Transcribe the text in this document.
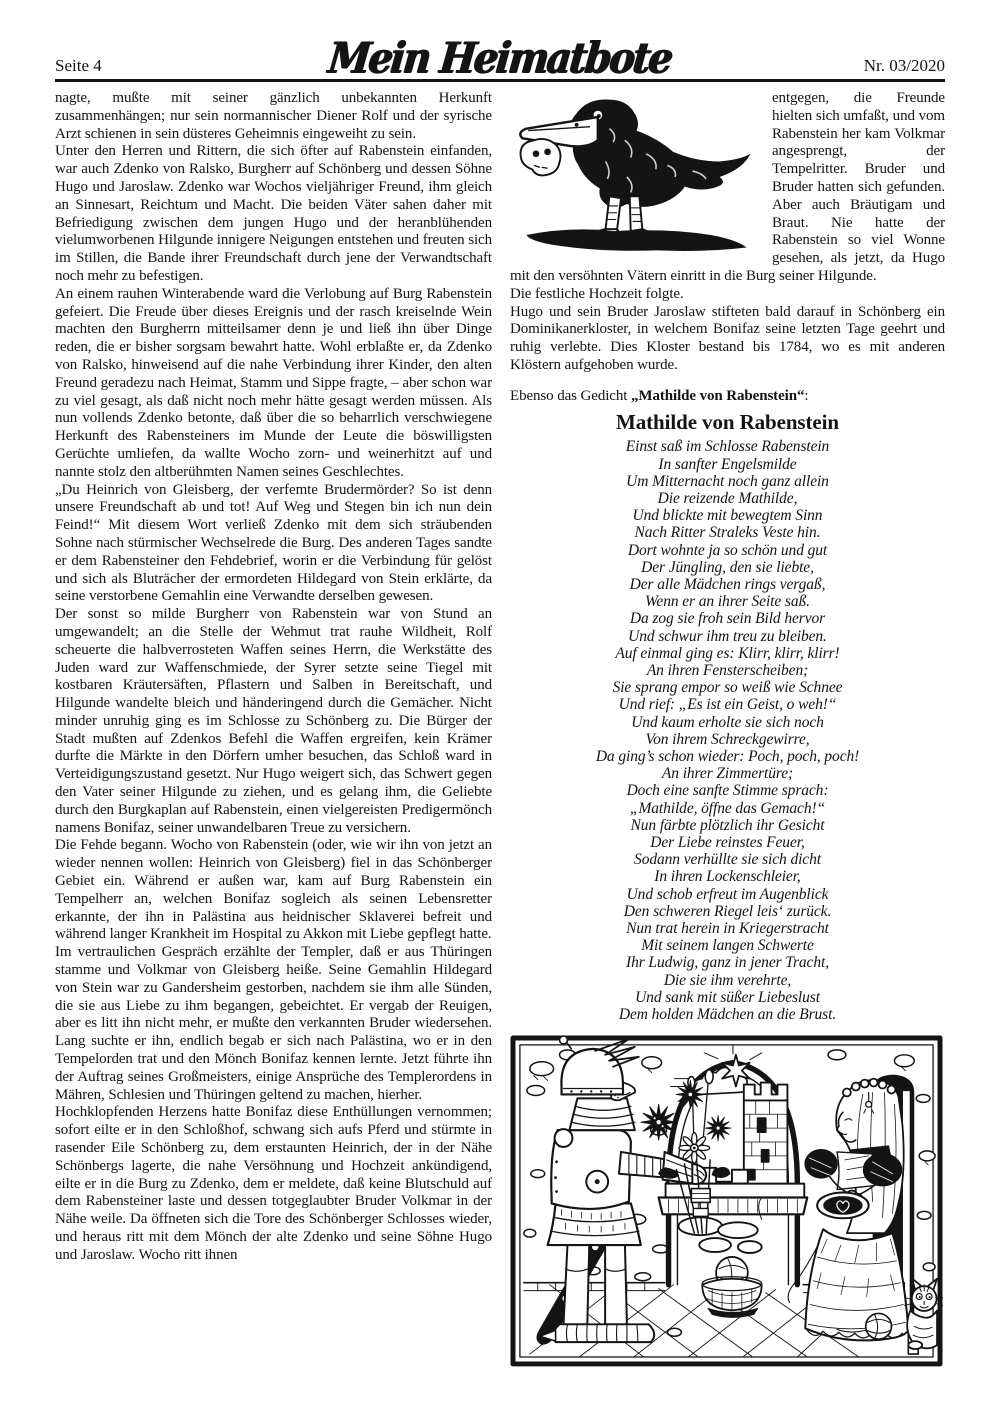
Seite 4	Mein Heimatbote	Nr. 03/2020
nagte, mußte mit seiner gänzlich unbekannten Herkunft zusammenhängen; nur sein normannischer Diener Rolf und der syrische Arzt schienen in sein düsteres Geheimnis eingeweiht zu sein.
Unter den Herren und Rittern, die sich öfter auf Rabenstein einfanden, war auch Zdenko von Ralsko, Burgherr auf Schönberg und dessen Söhne Hugo und Jaroslaw. Zdenko war Wochos vieljähriger Freund, ihm gleich an Sinnesart, Reichtum und Macht. Die beiden Väter sahen daher mit Befriedigung zwischen dem jungen Hugo und der heranblühenden vielumworbenen Hilgunde innigere Neigungen entstehen und freuten sich im Stillen, die Bande ihrer Freundschaft durch jene der Verwandtschaft noch mehr zu befestigen.
An einem rauhen Winterabende ward die Verlobung auf Burg Rabenstein gefeiert. Die Freude über dieses Ereignis und der rasch kreiselnde Wein machten den Burgherrn mitteilsamer denn je und ließ ihn über Dinge reden, die er bisher sorgsam bewahrt hatte. Wohl erblaßte er, da Zdenko von Ralsko, hinweisend auf die nahe Verbindung ihrer Kinder, den alten Freund geradezu nach Heimat, Stamm und Sippe fragte, – aber schon war zu viel gesagt, als daß nicht noch mehr hätte gesagt werden müssen. Als nun vollends Zdenko betonte, daß über die so beharrlich verschwiegene Herkunft des Rabensteiners im Munde der Leute die böswilligsten Gerüchte umliefen, da wallte Wocho zorn- und weinerhitzt auf und nannte stolz den altberühmten Namen seines Geschlechtes.
„Du Heinrich von Gleisberg, der verfemte Brudermörder? So ist denn unsere Freundschaft ab und tot! Auf Weg und Stegen bin ich nun dein Feind!“ Mit diesem Wort verließ Zdenko mit dem sich sträubenden Sohne nach stürmischer Wechselrede die Burg. Des anderen Tages sandte er dem Rabensteiner den Fehdebrief, worin er die Verbindung für gelöst und sich als Bluträcher der ermordeten Hildegard von Stein erklärte, da seine verstorbene Gemahlin eine Verwandte derselben gewesen.
Der sonst so milde Burgherr von Rabenstein war von Stund an umgewandelt; an die Stelle der Wehmut trat rauhe Wildheit, Rolf scheuerte die halbverrosteten Waffen seines Herrn, die Werkstätte des Juden ward zur Waffenschmiede, der Syrer setzte seine Tiegel mit kostbaren Kräutersäften, Pflastern und Salben in Bereitschaft, und Hilgunde wandelte bleich und händeringend durch die Gemächer. Nicht minder unruhig ging es im Schlosse zu Schönberg zu. Die Bürger der Stadt mußten auf Zdenkos Befehl die Waffen ergreifen, kein Krämer durfte die Märkte in den Dörfern umher besuchen, das Schloß ward in Verteidigungszustand gesetzt. Nur Hugo weigert sich, das Schwert gegen den Vater seiner Hilgunde zu ziehen, und es gelang ihm, die Geliebte durch den Burgkaplan auf Rabenstein, einen vielgereisten Predigermönch namens Bonifaz, seiner unwandelbaren Treue zu versichern.
Die Fehde begann. Wocho von Rabenstein (oder, wie wir ihn von jetzt an wieder nennen wollen: Heinrich von Gleisberg) fiel in das Schönberger Gebiet ein. Während er außen war, kam auf Burg Rabenstein ein Tempelherr an, welchen Bonifaz sogleich als seinen Lebensretter erkannte, der ihn in Palästina aus heidnischer Sklaverei befreit und während langer Krankheit im Hospital zu Akkon mit Liebe gepflegt hatte.
Im vertraulichen Gespräch erzählte der Templer, daß er aus Thüringen stamme und Volkmar von Gleisberg heiße. Seine Gemahlin Hildegard von Stein war zu Gandersheim gestorben, nachdem sie ihm alle Sünden, die sie aus Liebe zu ihm begangen, gebeichtet. Er vergab der Reuigen, aber es litt ihn nicht mehr, er mußte den verkannten Bruder wiedersehen. Lang suchte er ihn, endlich begab er sich nach Palästina, wo er in den Tempelorden trat und den Mönch Bonifaz kennen lernte. Jetzt führte ihn der Auftrag seines Großmeisters, einige Ansprüche des Templerordens in Mähren, Schlesien und Thüringen geltend zu machen, hierher.
Hochklopfenden Herzens hatte Bonifaz diese Enthüllungen vernommen; sofort eilte er in den Schloßhof, schwang sich aufs Pferd und stürmte in rasender Eile Schönberg zu, dem erstaunten Heinrich, der in der Nähe Schönbergs lagerte, die nahe Versöhnung und Hochzeit ankündigend, eilte er in die Burg zu Zdenko, dem er meldete, daß keine Blutschuld auf dem Rabensteiner laste und dessen totgeglaubter Bruder Volkmar in der Nähe weile. Da öffneten sich die Tore des Schönberger Schlosses wieder, und heraus ritt mit dem Mönch der alte Zdenko und seine Söhne Hugo und Jaroslaw. Wocho ritt ihnen

entgegen, die Freunde hielten sich umfaßt, und vom Rabenstein her kam Volkmar angesprengt, der Tempelritter. Bruder und Bruder hatten sich gefunden. Aber auch Bräutigam und Braut. Nie hatte der Rabenstein so viel Wonne gesehen, als jetzt, da Hugo mit den versöhnten Vätern einritt in die Burg seiner Hilgunde.

Die festliche Hochzeit folgte.

Hugo und sein Bruder Jaroslaw stifteten bald darauf in Schönberg ein Dominikanerkloster, in welchem Bonifaz seine letzten Tage geehrt und ruhig verlebte. Dies Kloster bestand bis 1784, wo es mit anderen Klöstern aufgehoben wurde.

Ebenso das Gedicht „Mathilde von Rabenstein“:

Mathilde von Rabenstein
Einst saß im Schlosse Rabenstein
In sanfter Engelsmilde
Um Mitternacht noch ganz allein
Die reizende Mathilde,
Und blickte mit bewegtem Sinn
Nach Ritter Straleks Veste hin.
Dort wohnte ja so schön und gut
Der Jüngling, den sie liebte,
Der alle Mädchen rings vergaß,
Wenn er an ihrer Seite saß.
Da zog sie froh sein Bild hervor
Und schwur ihm treu zu bleiben.
Auf einmal ging es: Klirr, klirr, klirr!
An ihren Fensterscheiben;
Sie sprang empor so weiß wie Schnee
Und rief: „Es ist ein Geist, o weh!“
Und kaum erholte sie sich noch
Von ihrem Schreckgewirre,
Da ging’s schon wieder: Poch, poch, poch!
An ihrer Zimmertüre;
Doch eine sanfte Stimme sprach:
„Mathilde, öffne das Gemach!“
Nun färbte plötzlich ihr Gesicht
Der Liebe reinstes Feuer,
Sodann verhüllte sie sich dicht
In ihren Lockenschleier,
Und schob erfreut im Augenblick
Den schweren Riegel leis‘ zurück.
Nun trat herein in Kriegerstracht
Mit seinem langen Schwerte
Ihr Ludwig, ganz in jener Tracht,
Die sie ihm verehrte,
Und sank mit süßer Liebeslust
Dem holden Mädchen an die Brust.
